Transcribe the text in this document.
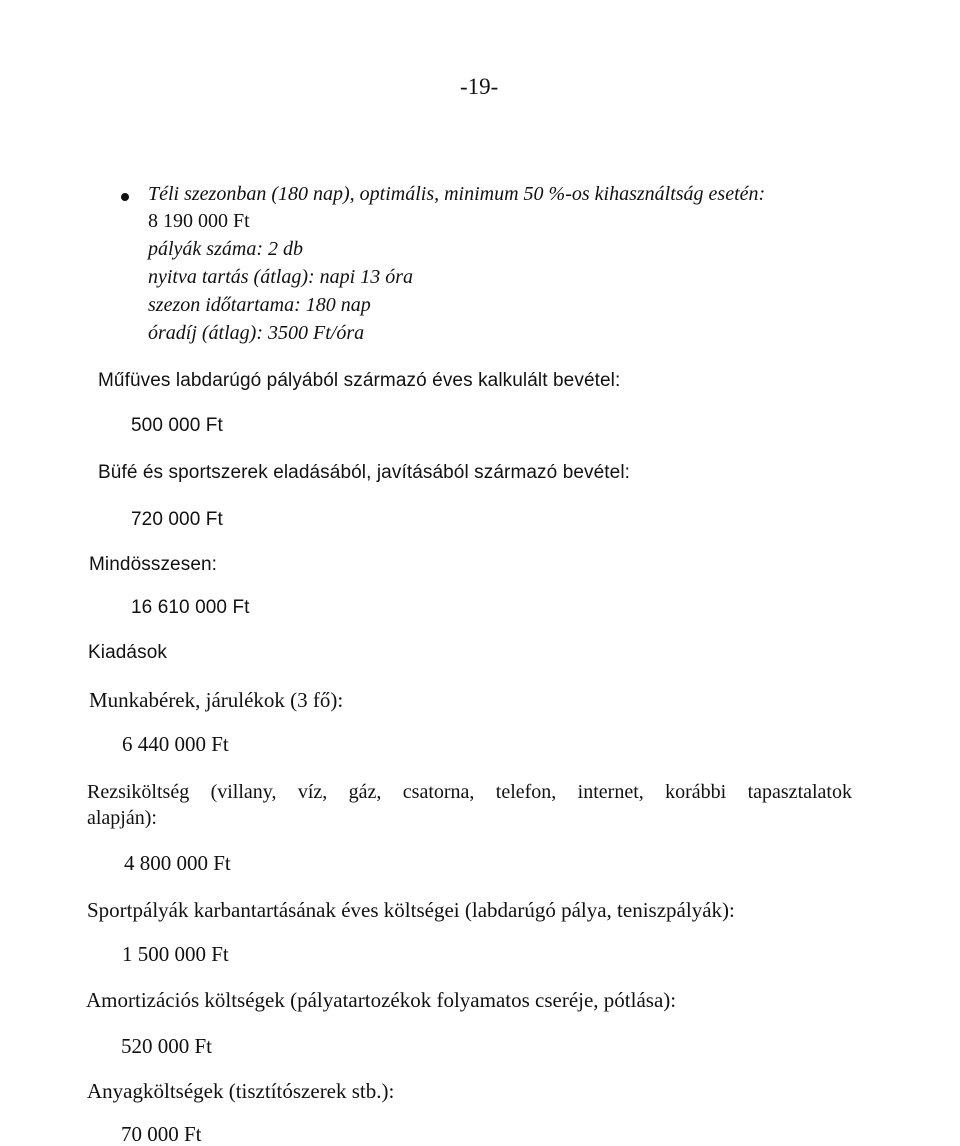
-19-
Téli szezonban (180 nap), optimális, minimum 50 %-os kihasználtság esetén:
8 190 000 Ft
pályák száma: 2 db
nyitva tartás (átlag): napi 13 óra
szezon időtartama: 180 nap
óradíj (átlag): 3500 Ft/óra
Műfüves labdarúgó pályából származó éves kalkulált bevétel:
500 000 Ft
Büfé és sportszerek eladásából, javításából származó bevétel:
720 000 Ft
Mindösszesen:
16 610 000 Ft
Kiadások
Munkabérek, járulékok (3 fő):
6 440 000 Ft
Rezsiköltség (villany, víz, gáz, csatorna, telefon, internet, korábbi tapasztalatok
alapján):
4 800 000 Ft
Sportpályák karbantartásának éves költségei (labdarúgó pálya, teniszpályák):
1 500 000 Ft
Amortizációs költségek (pályatartozékok folyamatos cseréje, pótlása):
520 000 Ft
Anyagköltségek (tisztítószerek stb.):
70 000 Ft
